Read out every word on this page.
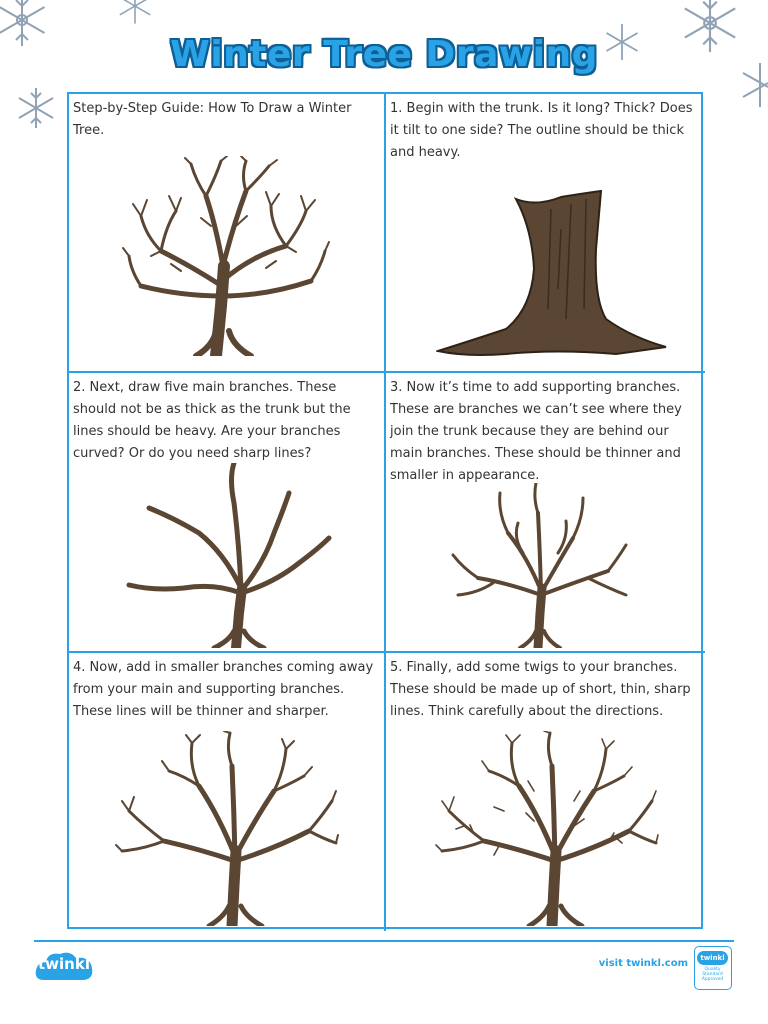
Winter Tree Drawing

Step-by-Step Guide: How To Draw a Winter Tree.

1. Begin with the trunk. Is it long? Thick? Does it tilt to one side? The outline should be thick and heavy.

2. Next, draw five main branches. These should not be as thick as the trunk but the lines should be heavy. Are your branches curved? Or do you need sharp lines?

3. Now it’s time to add supporting branches. These are branches we can’t see where they join the trunk because they are behind our main branches. These should be thinner and smaller in appearance.

4. Now, add in smaller branches coming away from your main and supporting branches. These lines will be thinner and sharper.

5. Finally, add some twigs to your branches. These should be made up of short, thin, sharp lines. Think carefully about the directions.

twinkl	visit twinkl.com	twinkl
Quality Standard Approved
